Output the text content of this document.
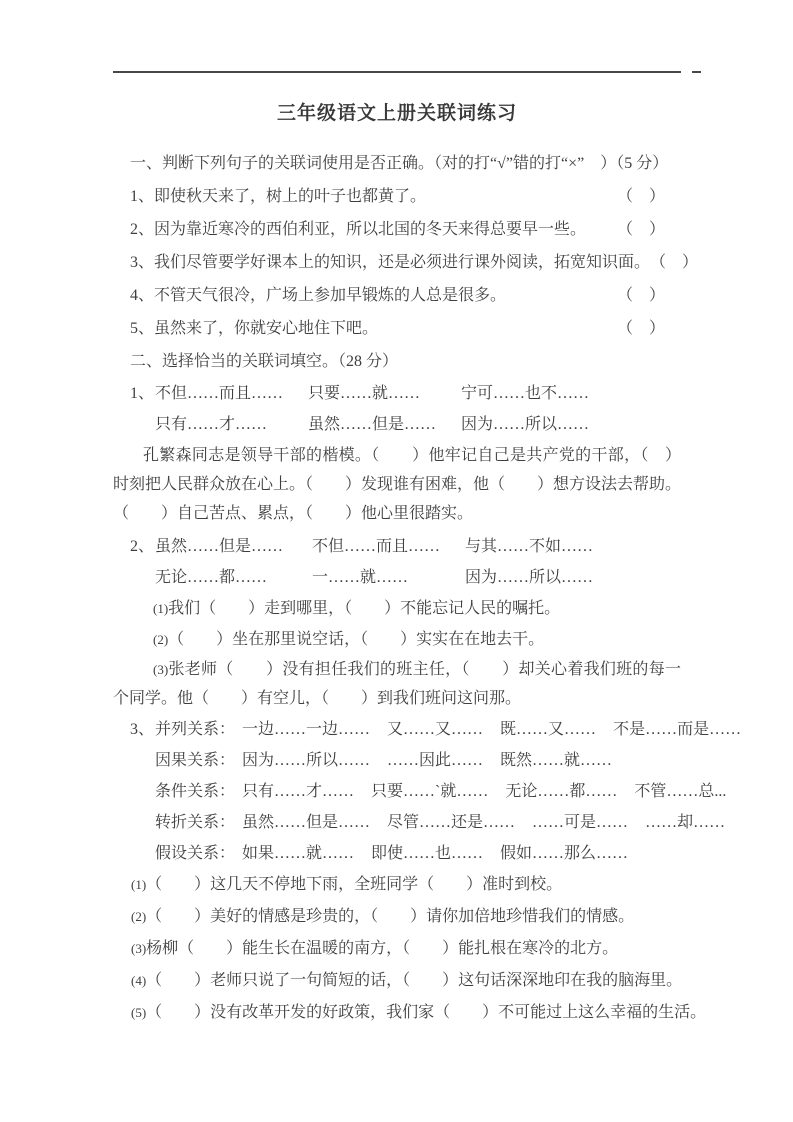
三年级语文上册关联词练习

一、判断下列句子的关联词使用是否正确。（对的打“√”错的打“×”　）（5 分）

1、即使秋天来了，树上的叶子也都黄了。	（　）
2、因为靠近寒冷的西伯利亚，所以北国的冬天来得总要早一些。 （　）
3、我们尽管要学好课本上的知识，还是必须进行课外阅读，拓宽知识面。 （　）
4、不管天气很冷，广场上参加早锻炼的人总是很多。	（　）
5、虽然来了，你就安心地住下吧。	（　）

二、选择恰当的关联词填空。（28 分）

1、 不但……而且……	只要……就……	宁可……也不……
只有……才……	虽然……但是……	因为……所以……

孔繁森同志是领导干部的楷模。（　　）他牢记自己是共产党的干部，（　）时刻把人民群众放在心上。（　　）发现谁有困难，他（　　）想方设法去帮助。（　　）自己苦点、累点，（　　）他心里很踏实。

2、 虽然……但是……	不但……而且……	与其……不如……
无论……都……	一……就……	因为……所以……

(1)我们（　　）走到哪里，（　　）不能忘记人民的嘱托。

(2)（　　）坐在那里说空话，（　　）实实在在地去干。

(3)张老师（　　）没有担任我们的班主任，（　　）却关心着我们班的每一个同学。他（　　）有空儿，（　　）到我们班问这问那。

3、 并列关系： 一边……一边…… 又……又…… 既……又…… 不是……而是……
因果关系： 因为……所以…… ……因此…… 既然……就……
条件关系： 只有……才…… 只要……`就…… 无论……都…… 不管……总...
转折关系： 虽然……但是…… 尽管……还是…… ……可是…… ……却……
假设关系： 如果……就…… 即使……也…… 假如……那么……

(1)（　　）这几天不停地下雨，全班同学（　　）准时到校。

(2)（　　）美好的情感是珍贵的，（　　）请你加倍地珍惜我们的情感。

(3)杨柳（　　）能生长在温暖的南方，（　　）能扎根在寒冷的北方。

(4)（　　）老师只说了一句简短的话，（　　）这句话深深地印在我的脑海里。

(5)（　　）没有改革开发的好政策，我们家（　　）不可能过上这么幸福的生活。
